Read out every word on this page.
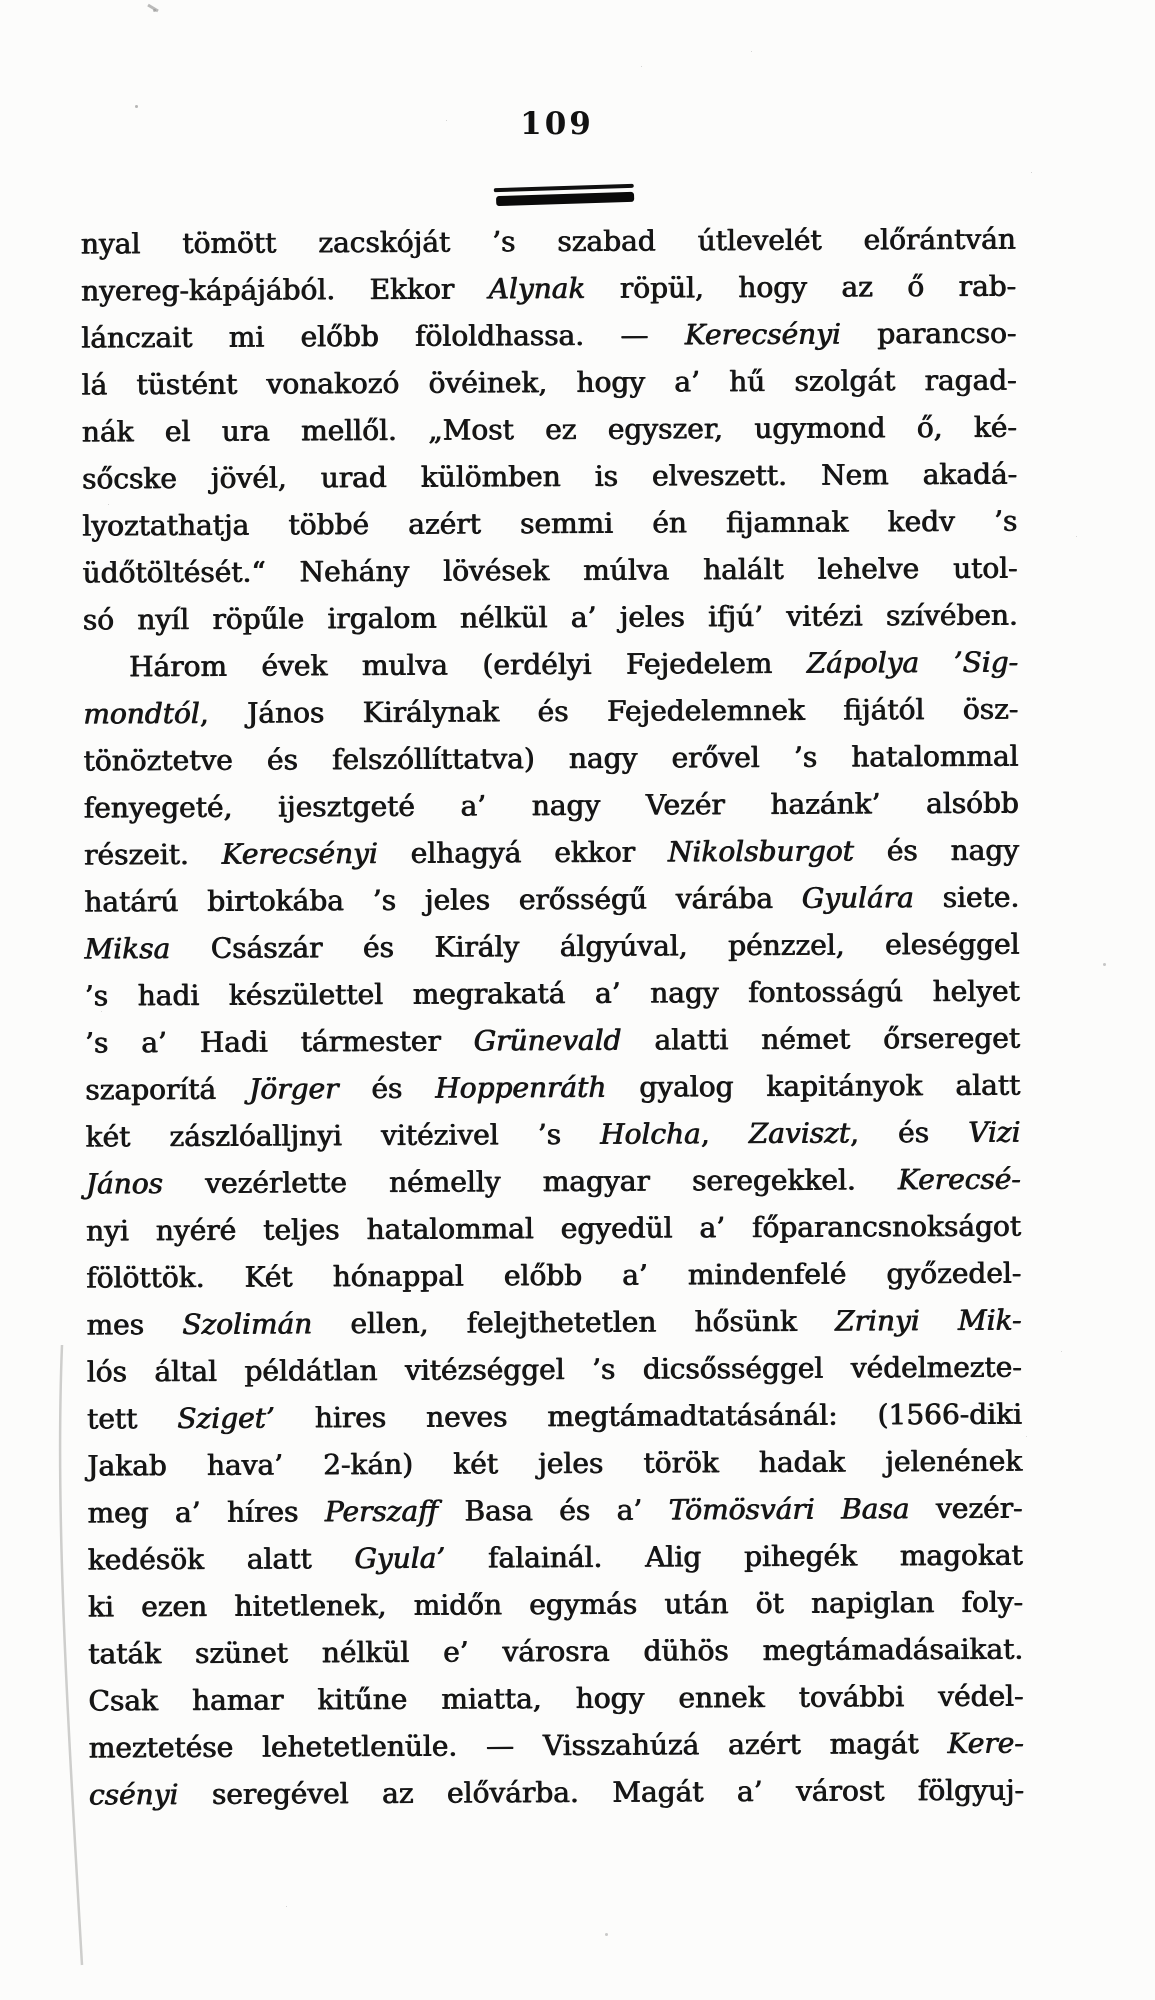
109
nyal tömött zacskóját ’s szabad útlevelét előrántván
nyereg-kápájából. Ekkor Alynak röpül, hogy az ő rab-
lánczait mi előbb föloldhassa. — Kerecsényi parancso-
lá tüstént vonakozó övéinek, hogy a’ hű szolgát ragad-
nák el ura mellől. „Most ez egyszer, ugymond ő, ké-
sőcske jövél, urad külömben is elveszett. Nem akadá-
lyoztathatja többé azért semmi én fijamnak kedv ’s
üdőtöltését.“ Nehány lövések múlva halált lehelve utol-
só nyíl röpűle irgalom nélkül a’ jeles ifjú’ vitézi szívében.
Három évek mulva (erdélyi Fejedelem Zápolya ’Sig-
mondtól, János Királynak és Fejedelemnek fijától ösz-
tönöztetve és felszóllíttatva) nagy erővel ’s hatalommal
fenyegeté, ijesztgeté a’ nagy Vezér hazánk’ alsóbb
részeit. Kerecsényi elhagyá ekkor Nikolsburgot és nagy
határú birtokába ’s jeles erősségű várába Gyulára siete.
Miksa Császár és Király álgyúval, pénzzel, eleséggel
’s hadi készülettel megrakatá a’ nagy fontosságú helyet
’s a’ Hadi tármester Grünevald alatti német őrsereget
szaporítá Jörger és Hoppenráth gyalog kapitányok alatt
két zászlóalljnyi vitézivel ’s Holcha, Zaviszt, és Vizi
János vezérlette némelly magyar seregekkel. Kerecsé-
nyi nyéré teljes hatalommal egyedül a’ főparancsnokságot
fölöttök. Két hónappal előbb a’ mindenfelé győzedel-
mes Szolimán ellen, felejthetetlen hősünk Zrinyi Mik-
lós által példátlan vitézséggel ’s dicsősséggel védelmezte-
tett Sziget’ hires neves megtámadtatásánál: (1566-diki
Jakab hava’ 2-kán) két jeles török hadak jelenének
meg a’ híres Perszaff Basa és a’ Tömösvári Basa vezér-
kedésök alatt Gyula’ falainál. Alig pihegék magokat
ki ezen hitetlenek, midőn egymás után öt napiglan foly-
taták szünet nélkül e’ városra dühös megtámadásaikat.
Csak hamar kitűne miatta, hogy ennek további védel-
meztetése lehetetlenüle. — Visszahúzá azért magát Kere-
csényi seregével az elővárba. Magát a’ várost fölgyuj-
